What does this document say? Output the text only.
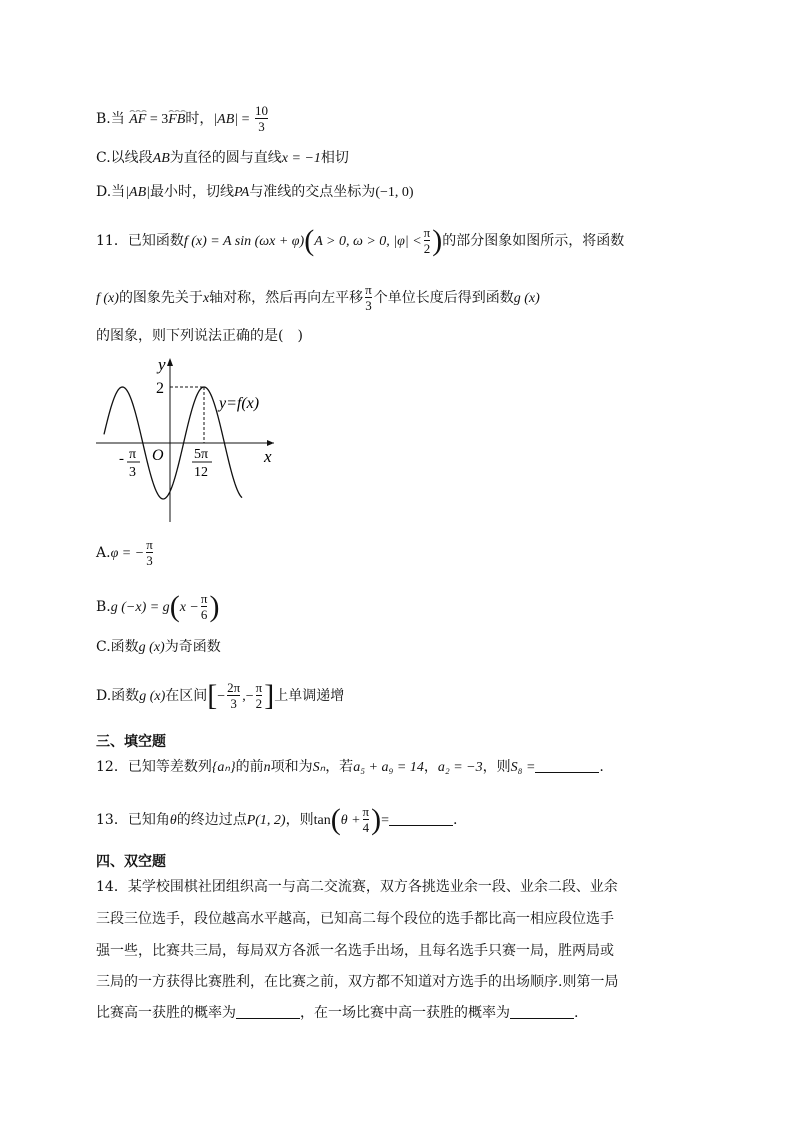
B.当
⌢⌢⌢
AF = 3
⌢⌢⌢
FB时，$|AB| = \frac{10}{3}$
C.以线段AB为直径的圆与直线x = −1相切
D.当|AB|最小时，切线PA与准线的交点坐标为(−1, 0)
11．已知函数f (x) = A sin (ωx + φ)(A > 0, ω > 0, $|\varphi| < \frac{\pi}{2}$ )的部分图象如图所示，将函数
f (x)的图象先关于x轴对称，然后再向左平移 $\frac{\pi}{3}$ 个单位长度后得到函数g (x)
的图象，则下列说法正确的是(　)
y
x
O
2
y=f(x)
- π
3
5π
12
A.φ = − $\frac{\pi}{3}$
B.g $(-x) = g(x - \frac{\pi}{6}$ )
C.函数g (x)为奇函数
D.函数g (x)在区间[− $\frac{2\pi}{3}$ ,− $\frac{\pi}{2}$ ]上单调递增
三、填空题
12．已知等差数列{aₙ}的前n项和为Sₙ，若a₅ + a₉ = 14，a₂ = −3，则S₈ =	.
13．已知角θ的终边过点P(1, 2)，则$\tan(\theta + \frac{\pi}{4}$ )=	.
四、双空题
14．某学校围棋社团组织高一与高二交流赛，双方各挑选业余一段、业余二段、业余
三段三位选手，段位越高水平越高，已知高二每个段位的选手都比高一相应段位选手
强一些，比赛共三局，每局双方各派一名选手出场，且每名选手只赛一局，胜两局或
三局的一方获得比赛胜利，在比赛之前，双方都不知道对方选手的出场顺序.则第一局
比赛高一获胜的概率为	，在一场比赛中高一获胜的概率为	.
